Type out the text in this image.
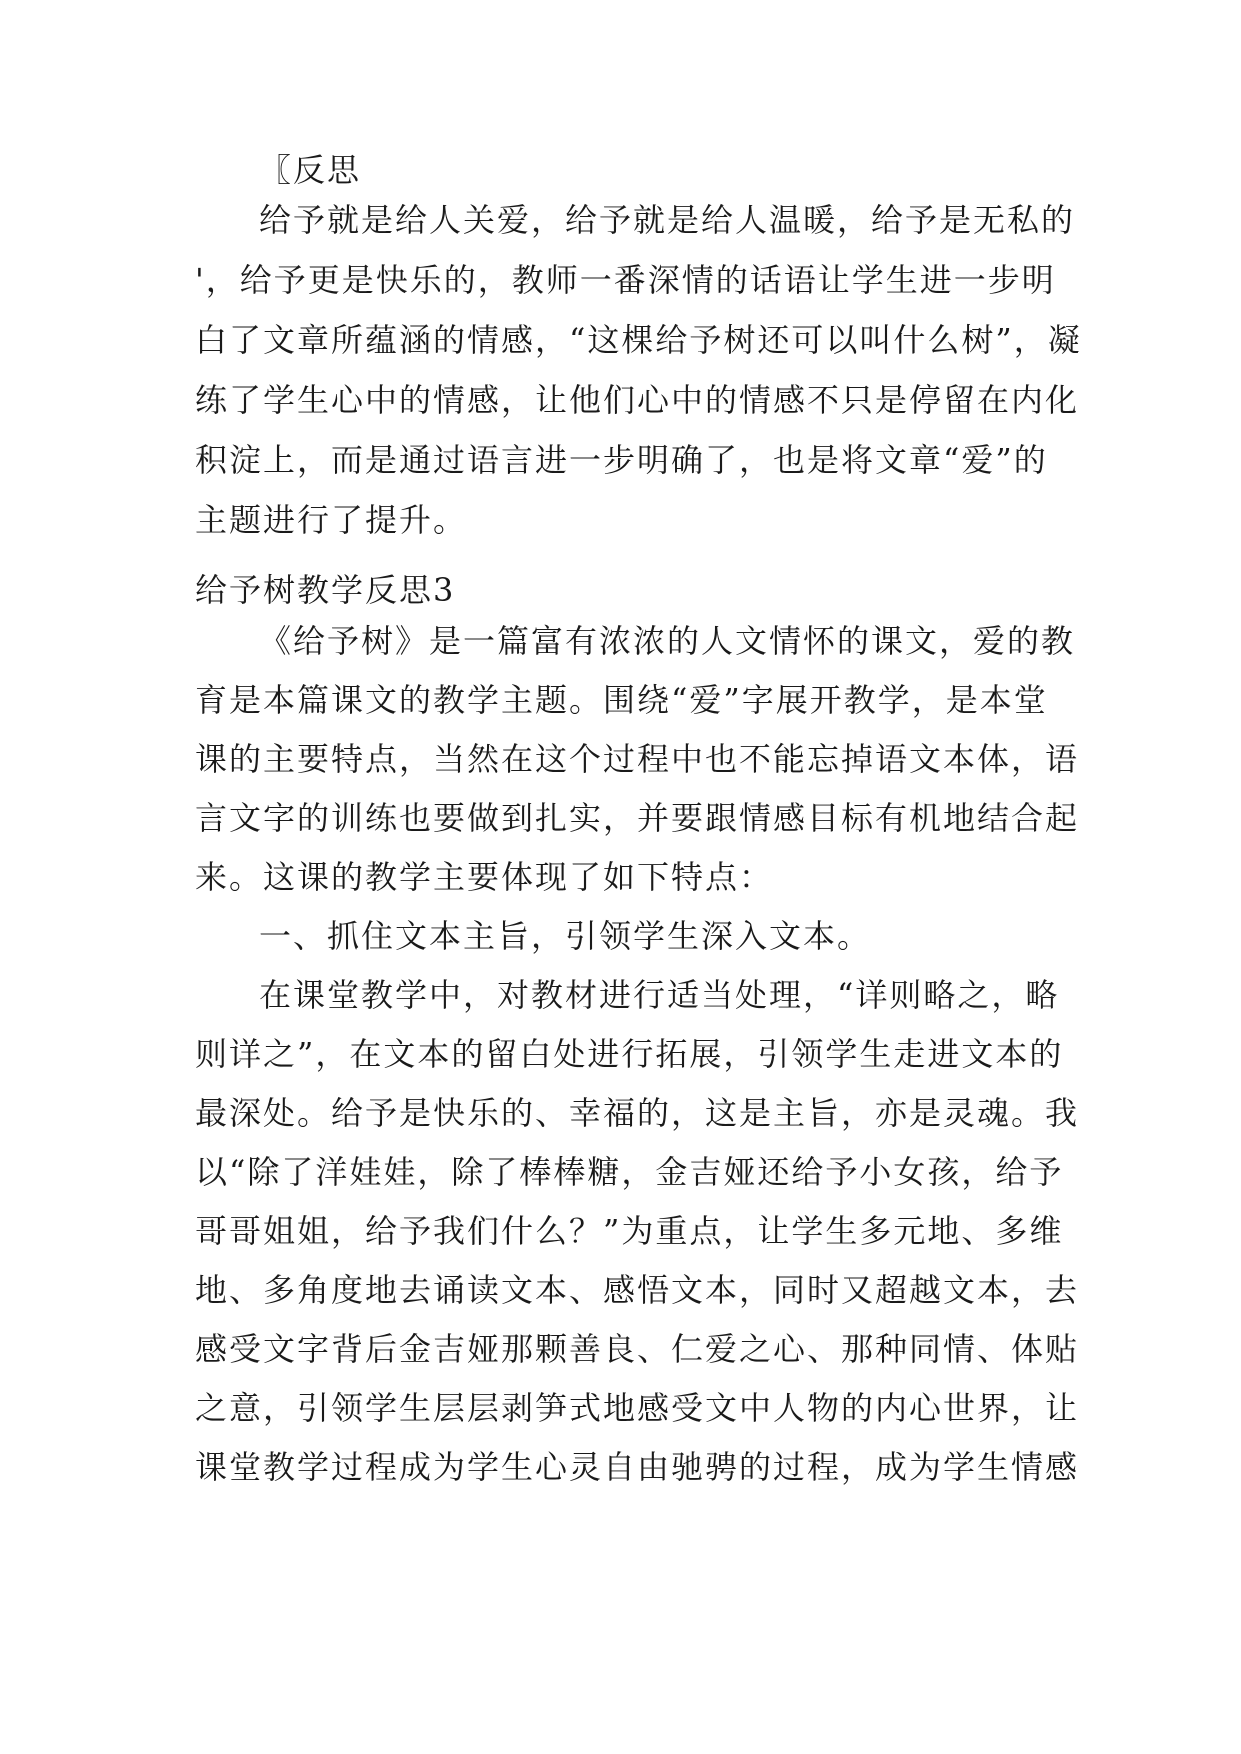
〖反思
给予就是给人关爱，给予就是给人温暖，给予是无私的
'，给予更是快乐的，教师一番深情的话语让学生进一步明
白了文章所蕴涵的情感，“这棵给予树还可以叫什么树”，凝
练了学生心中的情感，让他们心中的情感不只是停留在内化
积淀上，而是通过语言进一步明确了，也是将文章“爱”的
主题进行了提升。
给予树教学反思3
《给予树》是一篇富有浓浓的人文情怀的课文，爱的教
育是本篇课文的教学主题。围绕“爱”字展开教学，是本堂
课的主要特点，当然在这个过程中也不能忘掉语文本体，语
言文字的训练也要做到扎实，并要跟情感目标有机地结合起
来。这课的教学主要体现了如下特点：
一、抓住文本主旨，引领学生深入文本。
在课堂教学中，对教材进行适当处理，“详则略之，略
则详之”，在文本的留白处进行拓展，引领学生走进文本的
最深处。给予是快乐的、幸福的，这是主旨，亦是灵魂。我
以“除了洋娃娃，除了棒棒糖，金吉娅还给予小女孩，给予
哥哥姐姐，给予我们什么？”为重点，让学生多元地、多维
地、多角度地去诵读文本、感悟文本，同时又超越文本，去
感受文字背后金吉娅那颗善良、仁爱之心、那种同情、体贴
之意，引领学生层层剥笋式地感受文中人物的内心世界，让
课堂教学过程成为学生心灵自由驰骋的过程，成为学生情感
